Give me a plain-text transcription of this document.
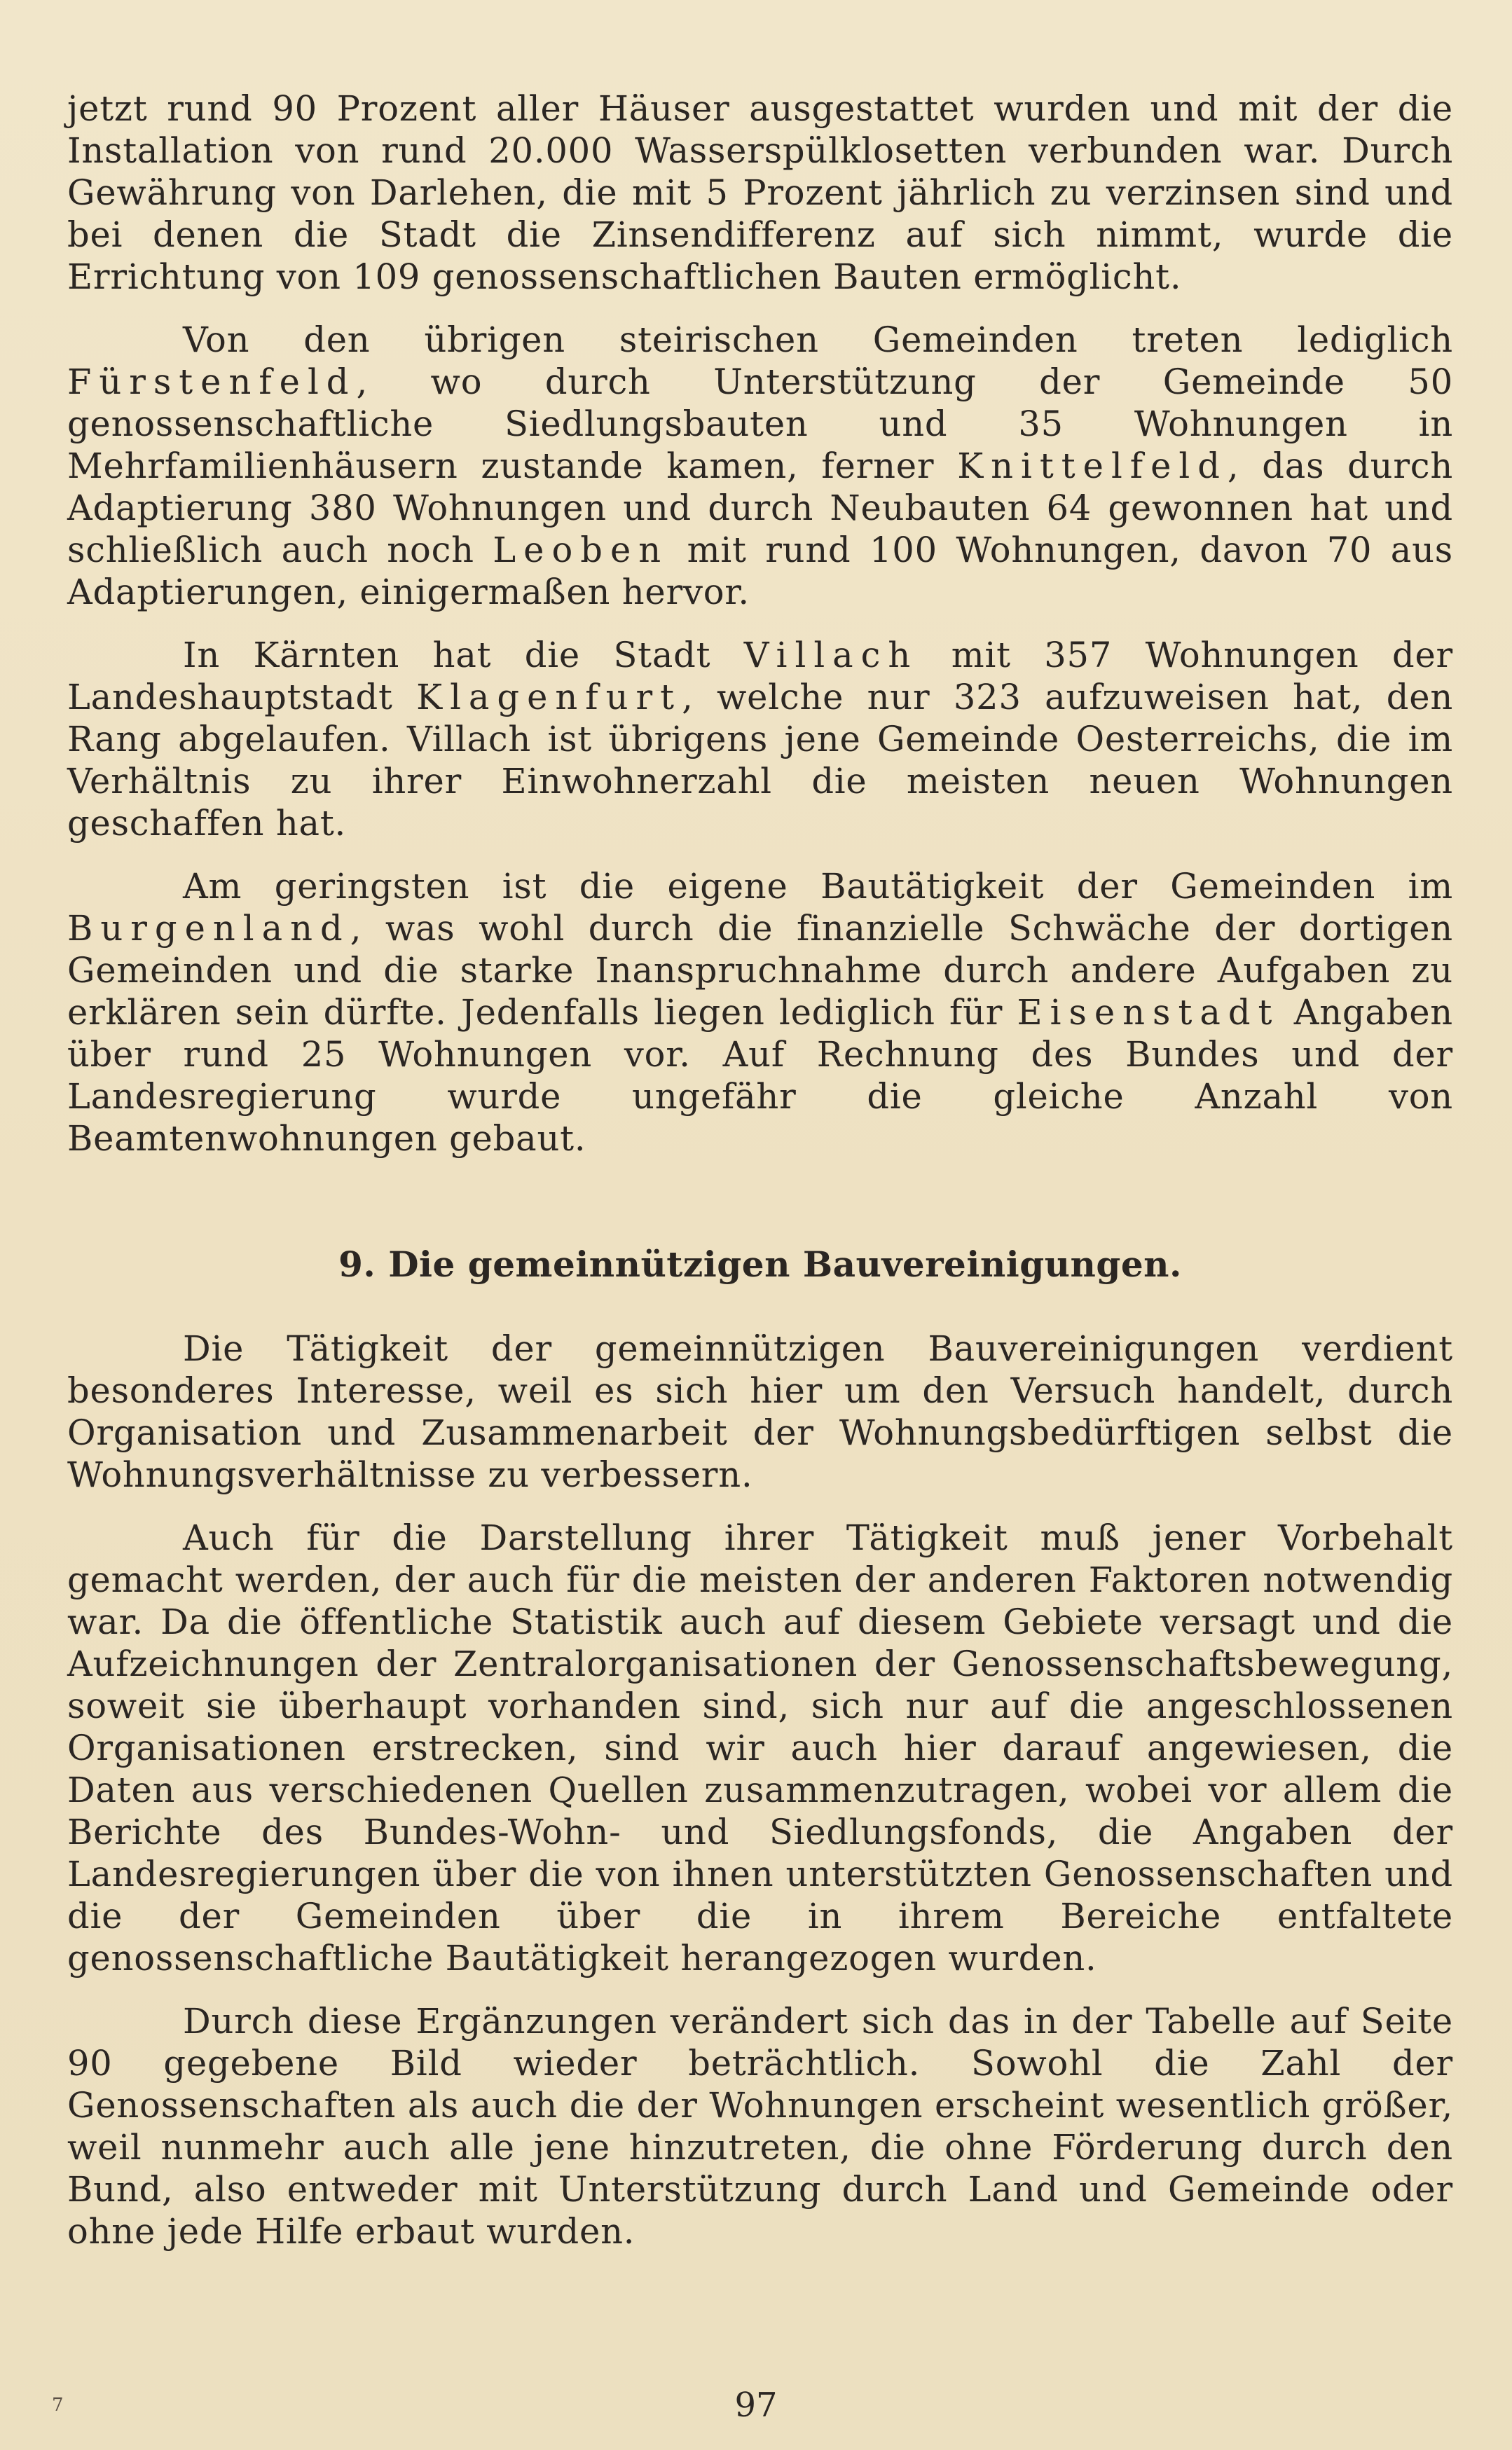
jetzt rund 90 Prozent aller Häuser ausgestattet wurden und mit der die Installation von rund 20.000 Wasserspülklosetten verbunden war. Durch Gewährung von Darlehen, die mit 5 Prozent jährlich zu verzinsen sind und bei denen die Stadt die Zinsendifferenz auf sich nimmt, wurde die Errichtung von 109 genossenschaftlichen Bauten ermöglicht.

Von den übrigen steirischen Gemeinden treten lediglich Fürstenfeld, wo durch Unterstützung der Gemeinde 50 genossenschaftliche Siedlungsbauten und 35 Wohnungen in Mehrfamilienhäusern zustande kamen, ferner Knittelfeld, das durch Adaptierung 380 Wohnungen und durch Neubauten 64 gewonnen hat und schließlich auch noch Leoben mit rund 100 Wohnungen, davon 70 aus Adaptierungen, einigermaßen hervor.

In Kärnten hat die Stadt Villach mit 357 Wohnungen der Landeshauptstadt Klagenfurt, welche nur 323 aufzuweisen hat, den Rang abgelaufen. Villach ist übrigens jene Gemeinde Oesterreichs, die im Verhältnis zu ihrer Einwohnerzahl die meisten neuen Wohnungen geschaffen hat.

Am geringsten ist die eigene Bautätigkeit der Gemeinden im Burgenland, was wohl durch die finanzielle Schwäche der dortigen Gemeinden und die starke Inanspruchnahme durch andere Aufgaben zu erklären sein dürfte. Jedenfalls liegen lediglich für Eisenstadt Angaben über rund 25 Wohnungen vor. Auf Rechnung des Bundes und der Landesregierung wurde ungefähr die gleiche Anzahl von Beamtenwohnungen gebaut.

9. Die gemeinnützigen Bauvereinigungen.

Die Tätigkeit der gemeinnützigen Bauvereinigungen verdient besonderes Interesse, weil es sich hier um den Versuch handelt, durch Organisation und Zusammenarbeit der Wohnungsbedürftigen selbst die Wohnungsverhältnisse zu verbessern.

Auch für die Darstellung ihrer Tätigkeit muß jener Vorbehalt gemacht werden, der auch für die meisten der anderen Faktoren notwendig war. Da die öffentliche Statistik auch auf diesem Gebiete versagt und die Aufzeichnungen der Zentralorganisationen der Genossenschaftsbewegung, soweit sie überhaupt vorhanden sind, sich nur auf die angeschlossenen Organisationen erstrecken, sind wir auch hier darauf angewiesen, die Daten aus verschiedenen Quellen zusammenzutragen, wobei vor allem die Berichte des Bundes-Wohn- und Siedlungsfonds, die Angaben der Landesregierungen über die von ihnen unterstützten Genossenschaften und die der Gemeinden über die in ihrem Bereiche entfaltete genossenschaftliche Bautätigkeit herangezogen wurden.

Durch diese Ergänzungen verändert sich das in der Tabelle auf Seite 90 gegebene Bild wieder beträchtlich. Sowohl die Zahl der Genossenschaften als auch die der Wohnungen erscheint wesentlich größer, weil nunmehr auch alle jene hinzutreten, die ohne Förderung durch den Bund, also entweder mit Unterstützung durch Land und Gemeinde oder ohne jede Hilfe erbaut wurden.

7	97
